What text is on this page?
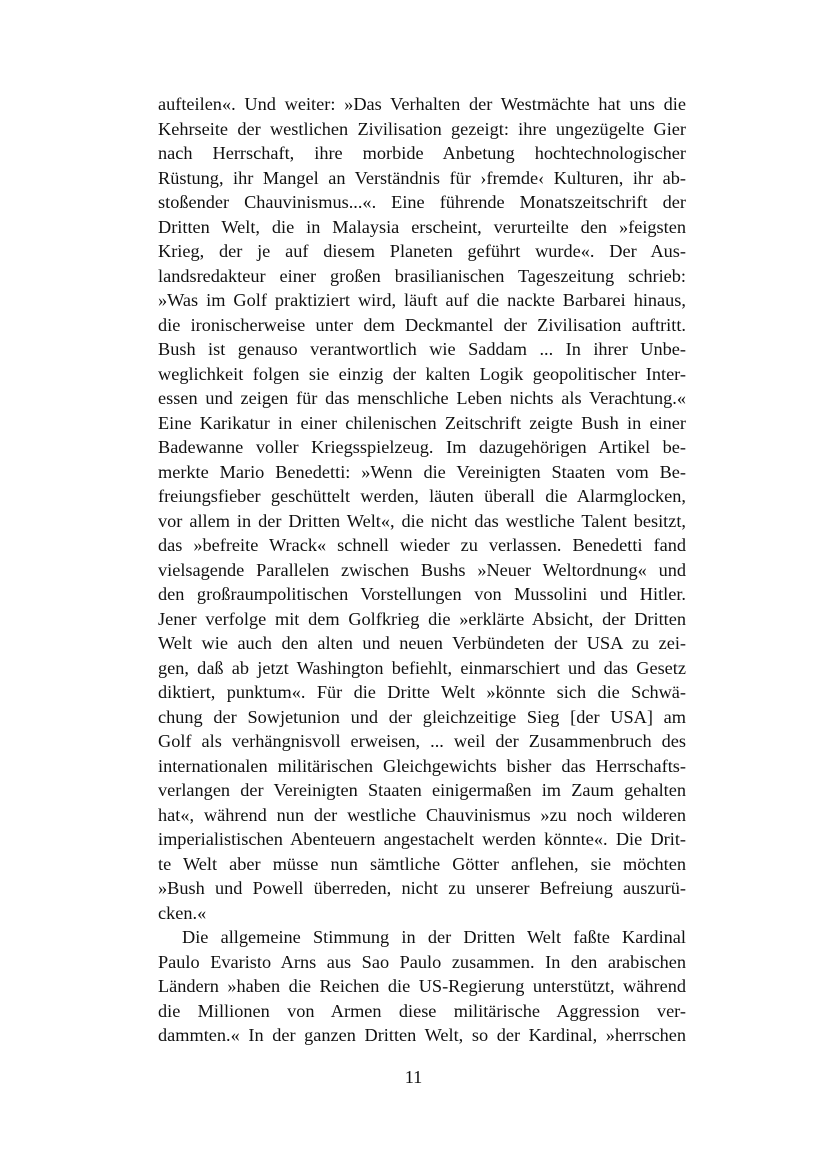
aufteilen«. Und weiter: »Das Verhalten der Westmächte hat uns die
Kehrseite der westlichen Zivilisation gezeigt: ihre ungezügelte Gier
nach Herrschaft, ihre morbide Anbetung hochtechnologischer
Rüstung, ihr Mangel an Verständnis für ›fremde‹ Kulturen, ihr ab-
stoßender Chauvinismus...«. Eine führende Monatszeitschrift der
Dritten Welt, die in Malaysia erscheint, verurteilte den »feigsten
Krieg, der je auf diesem Planeten geführt wurde«. Der Aus-
landsredakteur einer großen brasilianischen Tageszeitung schrieb:
»Was im Golf praktiziert wird, läuft auf die nackte Barbarei hinaus,
die ironischerweise unter dem Deckmantel der Zivilisation auftritt.
Bush ist genauso verantwortlich wie Saddam ... In ihrer Unbe-
weglichkeit folgen sie einzig der kalten Logik geopolitischer Inter-
essen und zeigen für das menschliche Leben nichts als Verachtung.«
Eine Karikatur in einer chilenischen Zeitschrift zeigte Bush in einer
Badewanne voller Kriegsspielzeug. Im dazugehörigen Artikel be-
merkte Mario Benedetti: »Wenn die Vereinigten Staaten vom Be-
freiungsfieber geschüttelt werden, läuten überall die Alarmglocken,
vor allem in der Dritten Welt«, die nicht das westliche Talent besitzt,
das »befreite Wrack« schnell wieder zu verlassen. Benedetti fand
vielsagende Parallelen zwischen Bushs »Neuer Weltordnung« und
den großraumpolitischen Vorstellungen von Mussolini und Hitler.
Jener verfolge mit dem Golfkrieg die »erklärte Absicht, der Dritten
Welt wie auch den alten und neuen Verbündeten der USA zu zei-
gen, daß ab jetzt Washington befiehlt, einmarschiert und das Gesetz
diktiert, punktum«. Für die Dritte Welt »könnte sich die Schwä-
chung der Sowjetunion und der gleichzeitige Sieg [der USA] am
Golf als verhängnisvoll erweisen, ... weil der Zusammenbruch des
internationalen militärischen Gleichgewichts bisher das Herrschafts-
verlangen der Vereinigten Staaten einigermaßen im Zaum gehalten
hat«, während nun der westliche Chauvinismus »zu noch wilderen
imperialistischen Abenteuern angestachelt werden könnte«. Die Drit-
te Welt aber müsse nun sämtliche Götter anflehen, sie möchten
»Bush und Powell überreden, nicht zu unserer Befreiung auszurü-
cken.«
Die allgemeine Stimmung in der Dritten Welt faßte Kardinal
Paulo Evaristo Arns aus Sao Paulo zusammen. In den arabischen
Ländern »haben die Reichen die US-Regierung unterstützt, während
die Millionen von Armen diese militärische Aggression ver-
dammten.« In der ganzen Dritten Welt, so der Kardinal, »herrschen
11
